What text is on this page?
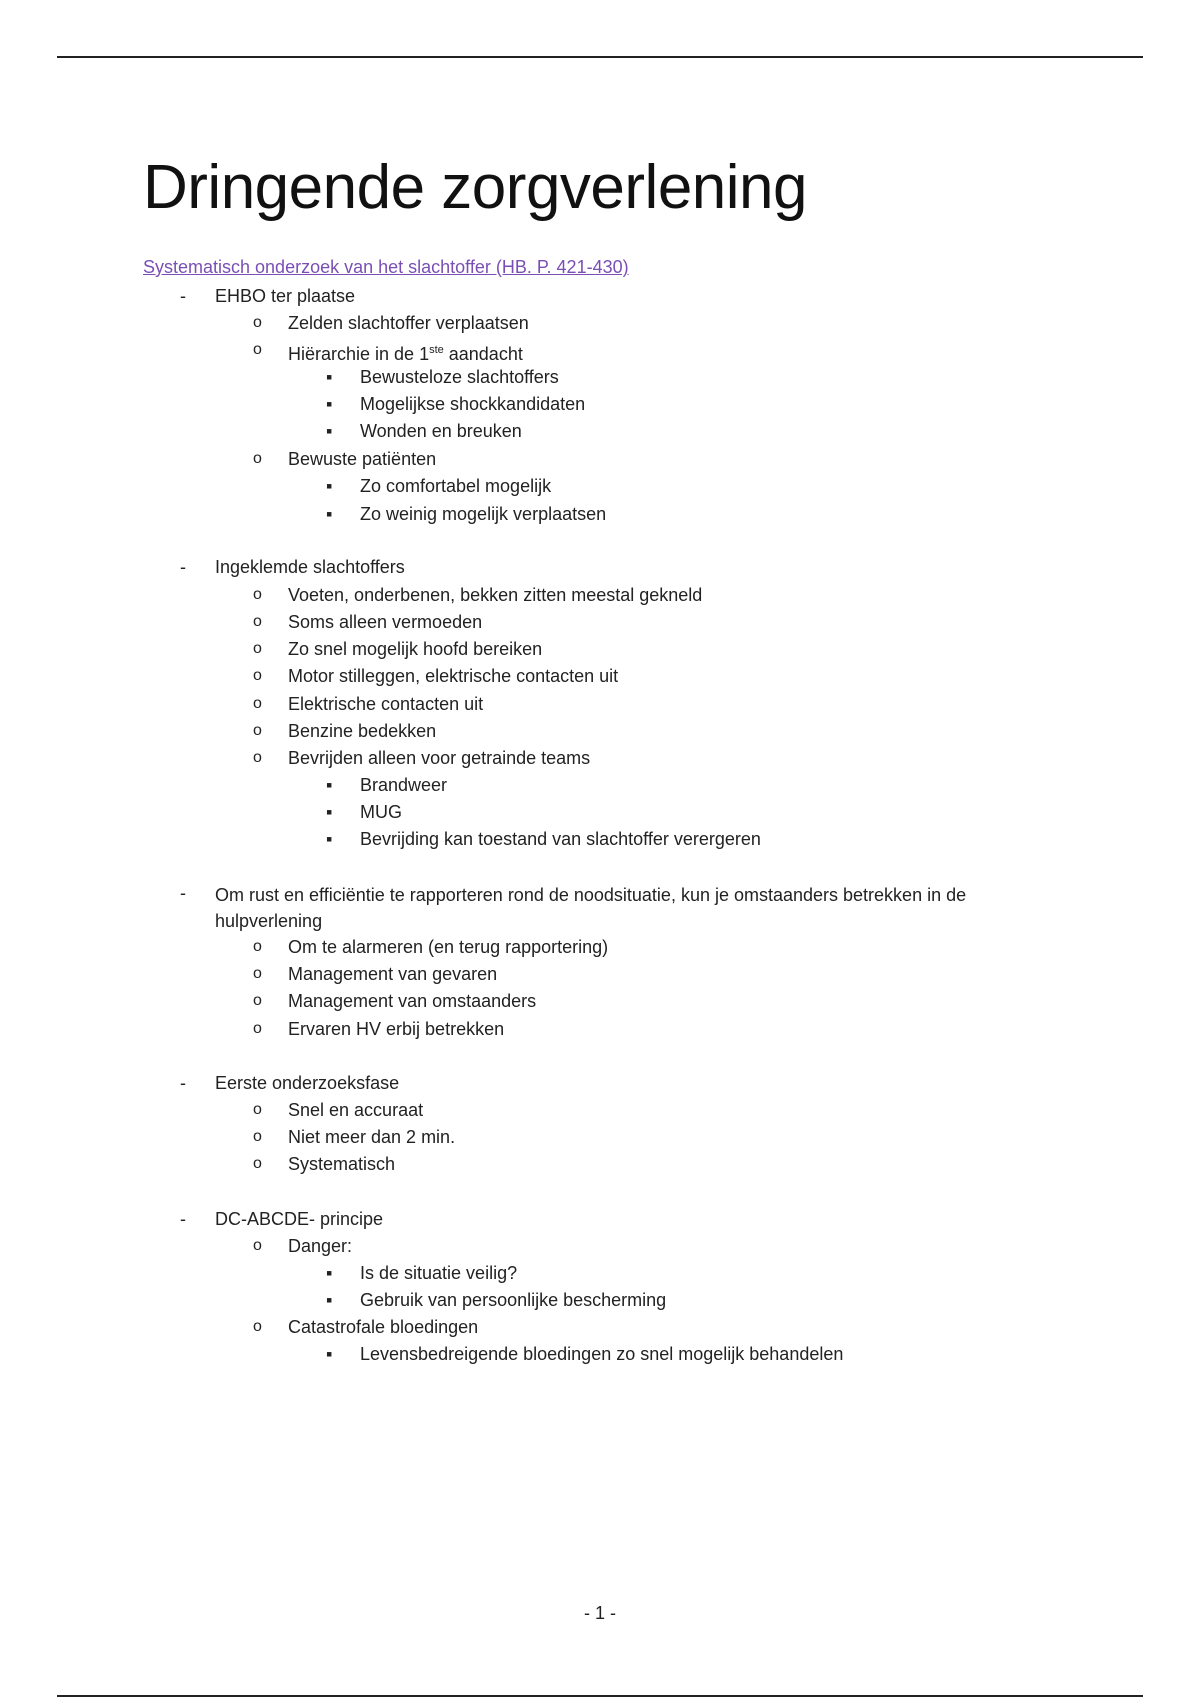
Dringende zorgverlening
Systematisch onderzoek van het slachtoffer (HB. P. 421-430)
- EHBO ter plaatse
o Zelden slachtoffer verplaatsen
o Hiërarchie in de 1ste aandacht
▪ Bewusteloze slachtoffers
▪ Mogelijkse shockkandidaten
▪ Wonden en breuken
o Bewuste patiënten
▪ Zo comfortabel mogelijk
▪ Zo weinig mogelijk verplaatsen
- Ingeklemde slachtoffers
o Voeten, onderbenen, bekken zitten meestal gekneld
o Soms alleen vermoeden
o Zo snel mogelijk hoofd bereiken
o Motor stilleggen, elektrische contacten uit
o Elektrische contacten uit
o Benzine bedekken
o Bevrijden alleen voor getrainde teams
▪ Brandweer
▪ MUG
▪ Bevrijding kan toestand van slachtoffer verergeren
- Om rust en efficiëntie te rapporteren rond de noodsituatie, kun je omstaanders betrekken in de hulpverlening
o Om te alarmeren (en terug rapportering)
o Management van gevaren
o Management van omstaanders
o Ervaren HV erbij betrekken
- Eerste onderzoeksfase
o Snel en accuraat
o Niet meer dan 2 min.
o Systematisch
- DC-ABCDE- principe
o Danger:
▪ Is de situatie veilig?
▪ Gebruik van persoonlijke bescherming
o Catastrofale bloedingen
▪ Levensbedreigende bloedingen zo snel mogelijk behandelen
- 1 -
